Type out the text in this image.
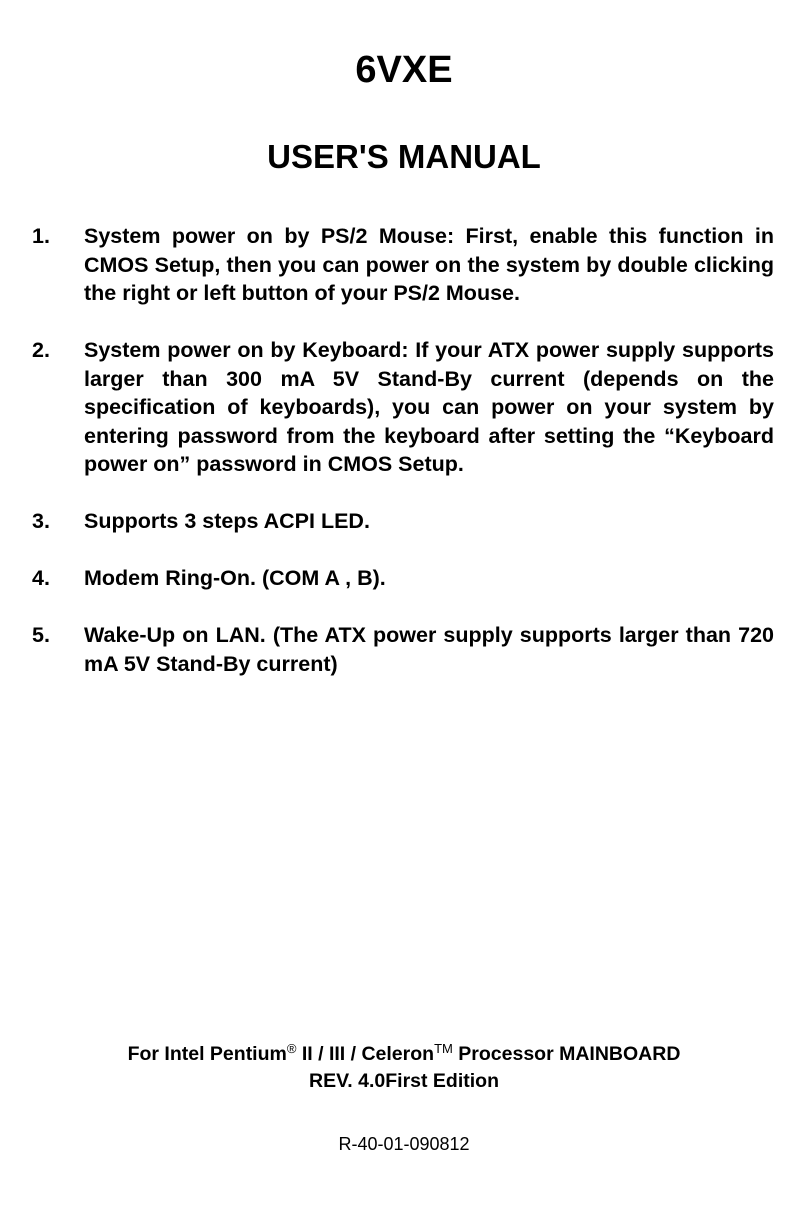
6VXE
USER'S MANUAL
1. System power on by PS/2 Mouse: First, enable this function in CMOS Setup, then you can power on the system by double clicking the right or left button of your PS/2 Mouse.
2. System power on by Keyboard: If your ATX power supply supports larger than 300 mA 5V Stand-By current (depends on the specification of keyboards), you can power on your system by entering password from the keyboard after setting the “Keyboard power on” password in CMOS Setup.
3. Supports 3 steps ACPI LED.
4. Modem Ring-On. (COM A , B).
5. Wake-Up on LAN. (The ATX power supply supports larger than 720 mA 5V Stand-By current)
For Intel Pentium® II / III / Celeron™ Processor MAINBOARD
REV. 4.0First Edition
R-40-01-090812
